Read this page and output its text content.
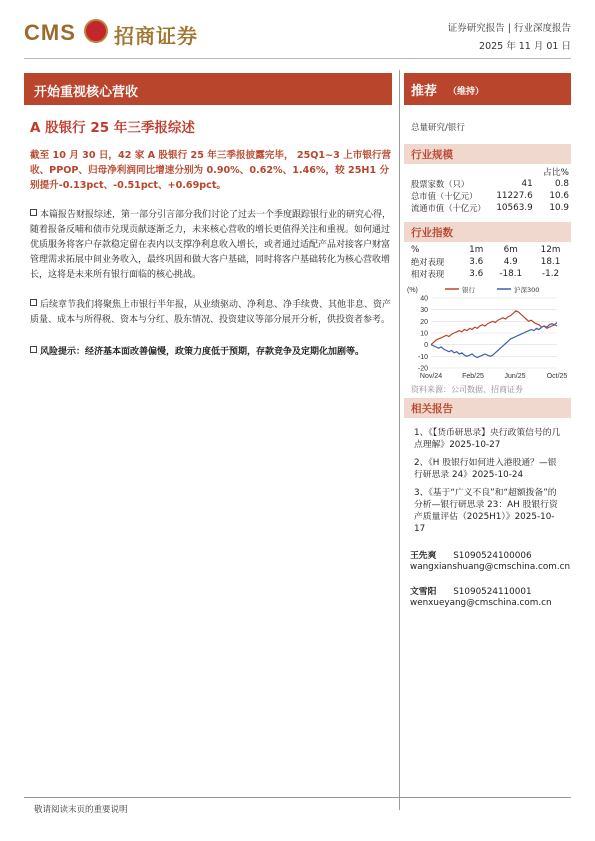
CMS 招商证券	证券研究报告 | 行业深度报告
2025 年 11 月 01 日
开始重视核心营收
A 股银行 25 年三季报综述
截至 10 月 30 日，42 家 A 股银行 25 年三季报披露完毕， 25Q1~3 上市银行营收、PPOP、归母净利润同比增速分别为 0.90%、0.62%、1.46%，较 25H1 分别提升-0.13pct、-0.51pct、+0.69pct。
本篇报告财报综述，第一部分引言部分我们讨论了过去一个季度跟踪银行业的研究心得，随着报备反哺和债市兑现贡献逐渐乏力，未来核心营收的增长更值得关注和重视。如何通过优质服务将客户存款稳定留在表内以支撑净利息收入增长，或者通过适配产品对接客户财富管理需求拓展中间业务收入，最终巩固和做大客户基础，同时将客户基础转化为核心营收增长，这将是未来所有银行面临的核心挑战。
后续章节我们将聚焦上市银行半年报，从业绩驱动、净利息、净手续费、其他非息、资产质量、成本与所得税、资本与分红、股东情况、投资建议等部分展开分析，供投资者参考。
风险提示：经济基本面改善偏慢，政策力度低于预期，存款竞争及定期化加剧等。
推荐 （维持）
总量研究/银行
行业规模
		占比%
股票家数（只）	41	0.8
总市值（十亿元）	11227.6	10.6
流通市值（十亿元）	10563.9	10.9
行业指数
%	1m	6m	12m
绝对表现	3.6	4.9	18.1
相对表现	3.6	-18.1	-1.2
(%)	银行	沪深300
40
30
20
10
0
-10
-20
Nov/24	Feb/25	Jun/25	Oct/25
资料来源：公司数据、招商证券
相关报告
1、《【货币研思录】央行政策信号的几点理解》2025-10-27
2、《H 股银行如何进入港股通？—银行研思录 24》2025-10-24
3、《基于“广义不良”和“超额拨备”的分析—银行研思录 23：AH 股银行资产质量评估（2025H1）》2025-10-17
王先爽 S1090524100006
wangxianshuang@cmschina.com.cn
文雪阳 S1090524110001
wenxueyang@cmschina.com.cn
敬请阅读末页的重要说明
